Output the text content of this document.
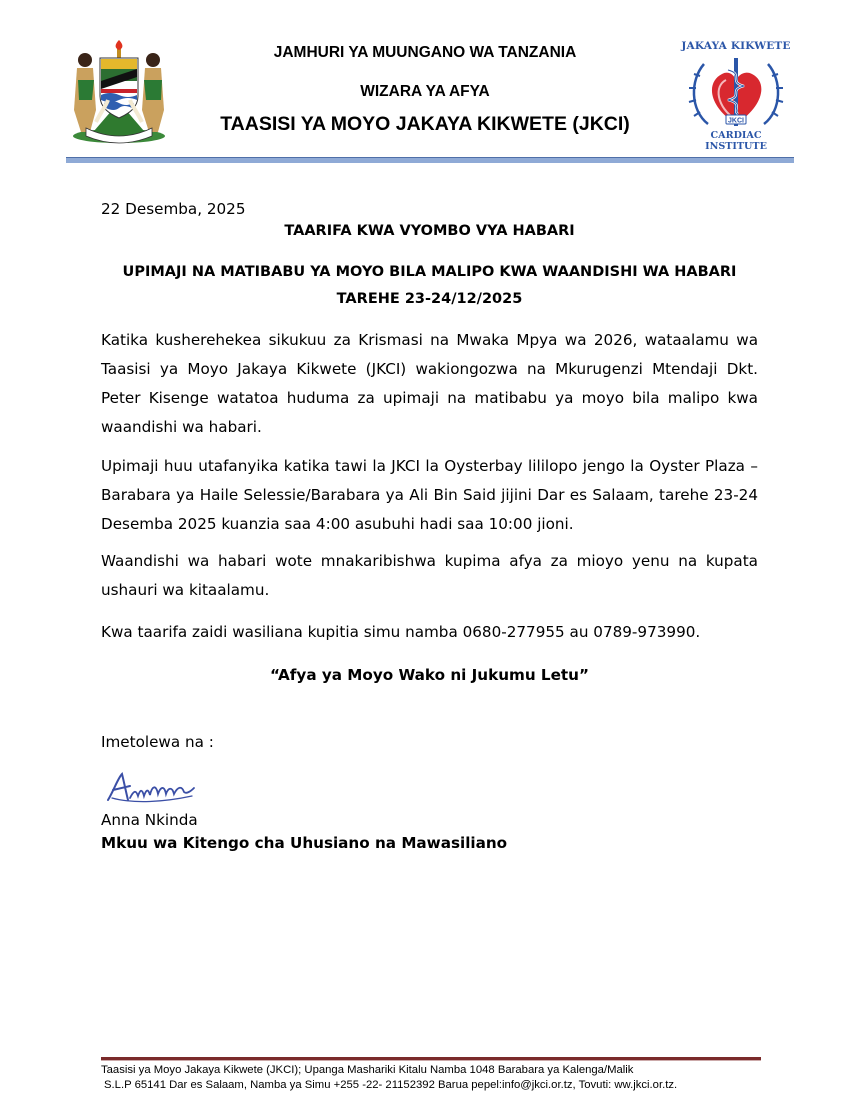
JAMHURI YA MUUNGANO WA TANZANIA
WIZARA YA AFYA
TAASISI YA MOYO JAKAYA KIKWETE (JKCI)
JAKAYA KIKWETE
JKCI
CARDIAC INSTITUTE
22 Desemba, 2025
TAARIFA KWA VYOMBO VYA HABARI
UPIMAJI NA MATIBABU YA MOYO BILA MALIPO KWA WAANDISHI WA HABARI
TAREHE 23-24/12/2025

Katika kusherehekea sikukuu za Krismasi na Mwaka Mpya wa 2026, wataalamu wa Taasisi ya Moyo Jakaya Kikwete (JKCI) wakiongozwa na Mkurugenzi Mtendaji Dkt. Peter Kisenge watatoa huduma za upimaji na matibabu ya moyo bila malipo kwa waandishi wa habari.

Upimaji huu utafanyika katika tawi la JKCI la Oysterbay lililopo jengo la Oyster Plaza – Barabara ya Haile Selessie/Barabara ya Ali Bin Said jijini Dar es Salaam, tarehe 23-24 Desemba 2025 kuanzia saa 4:00 asubuhi hadi saa 10:00 jioni.

Waandishi wa habari wote mnakaribishwa kupima afya za mioyo yenu na kupata ushauri wa kitaalamu.

Kwa taarifa zaidi wasiliana kupitia simu namba 0680-277955 au 0789-973990.

“Afya ya Moyo Wako ni Jukumu Letu”
Imetolewa na :
Anna Nkinda
Mkuu wa Kitengo cha Uhusiano na Mawasiliano
Taasisi ya Moyo Jakaya Kikwete (JKCI); Upanga Mashariki Kitalu Namba 1048 Barabara ya Kalenga/Malik
S.L.P 65141 Dar es Salaam, Namba ya Simu +255 -22- 21152392 Barua pepel:info@jkci.or.tz, Tovuti: ww.jkci.or.tz.
